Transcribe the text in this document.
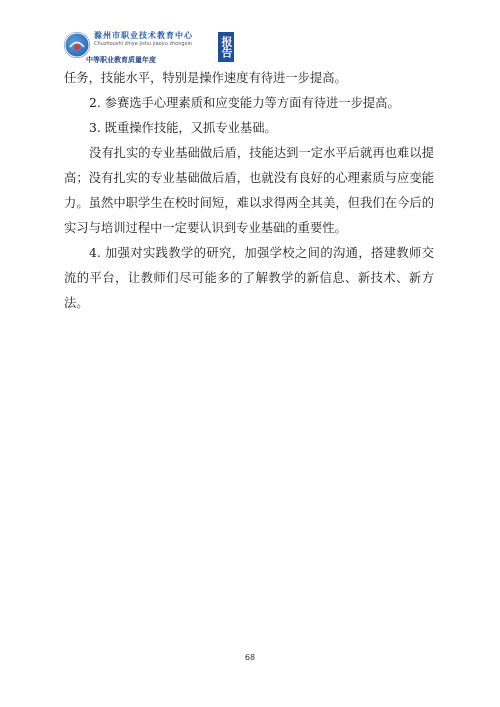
滁州市职业技术教育中心
Chuzhoushi zhiye jishu jiaoyu zhongxin
中等职业教育质量年度
报告

任务，技能水平，特别是操作速度有待进一步提高。

2. 参赛选手心理素质和应变能力等方面有待进一步提高。

3. 既重操作技能，又抓专业基础。

没有扎实的专业基础做后盾，技能达到一定水平后就再也难以提高；没有扎实的专业基础做后盾，也就没有良好的心理素质与应变能力。虽然中职学生在校时间短，难以求得两全其美，但我们在今后的实习与培训过程中一定要认识到专业基础的重要性。

4. 加强对实践教学的研究，加强学校之间的沟通，搭建教师交流的平台，让教师们尽可能多的了解教学的新信息、新技术、新方法。

68
